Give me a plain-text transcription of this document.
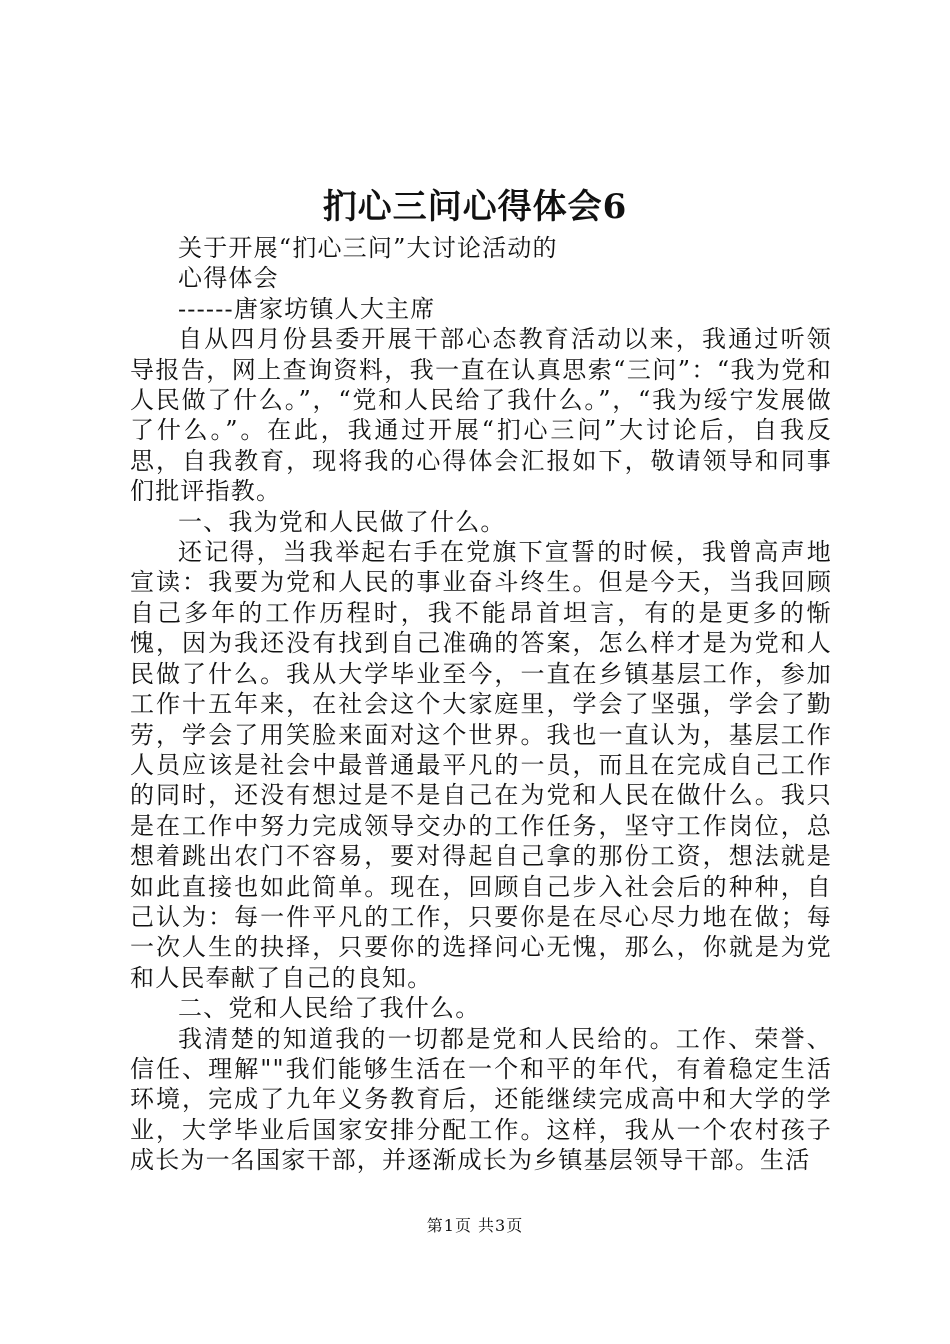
扪心三问心得体会6

关于开展“扪心三问”大讨论活动的

心得体会

------唐家坊镇人大主席

自从四月份县委开展干部心态教育活动以来，我通过听领导报告，网上查询资料，我一直在认真思索“三问”：“我为党和人民做了什么。”，“党和人民给了我什么。”，“我为绥宁发展做了什么。”。在此，我通过开展“扪心三问”大讨论后，自我反思，自我教育，现将我的心得体会汇报如下，敬请领导和同事们批评指教。

一、我为党和人民做了什么。

还记得，当我举起右手在党旗下宣誓的时候，我曾高声地宣读：我要为党和人民的事业奋斗终生。但是今天，当我回顾自己多年的工作历程时，我不能昂首坦言，有的是更多的惭愧，因为我还没有找到自己准确的答案，怎么样才是为党和人民做了什么。我从大学毕业至今，一直在乡镇基层工作，参加工作十五年来，在社会这个大家庭里，学会了坚强，学会了勤劳，学会了用笑脸来面对这个世界。我也一直认为，基层工作人员应该是社会中最普通最平凡的一员，而且在完成自己工作的同时，还没有想过是不是自己在为党和人民在做什么。我只是在工作中努力完成领导交办的工作任务，坚守工作岗位，总想着跳出农门不容易，要对得起自己拿的那份工资，想法就是如此直接也如此简单。现在，回顾自己步入社会后的种种，自己认为：每一件平凡的工作，只要你是在尽心尽力地在做；每一次人生的抉择，只要你的选择问心无愧，那么，你就是为党和人民奉献了自己的良知。

二、党和人民给了我什么。

我清楚的知道我的一切都是党和人民给的。工作、荣誉、信任、理解""我们能够生活在一个和平的年代，有着稳定生活环境，完成了九年义务教育后，还能继续完成高中和大学的学业，大学毕业后国家安排分配工作。这样，我从一个农村孩子成长为一名国家干部，并逐渐成长为乡镇基层领导干部。生活

第1页 共3页
